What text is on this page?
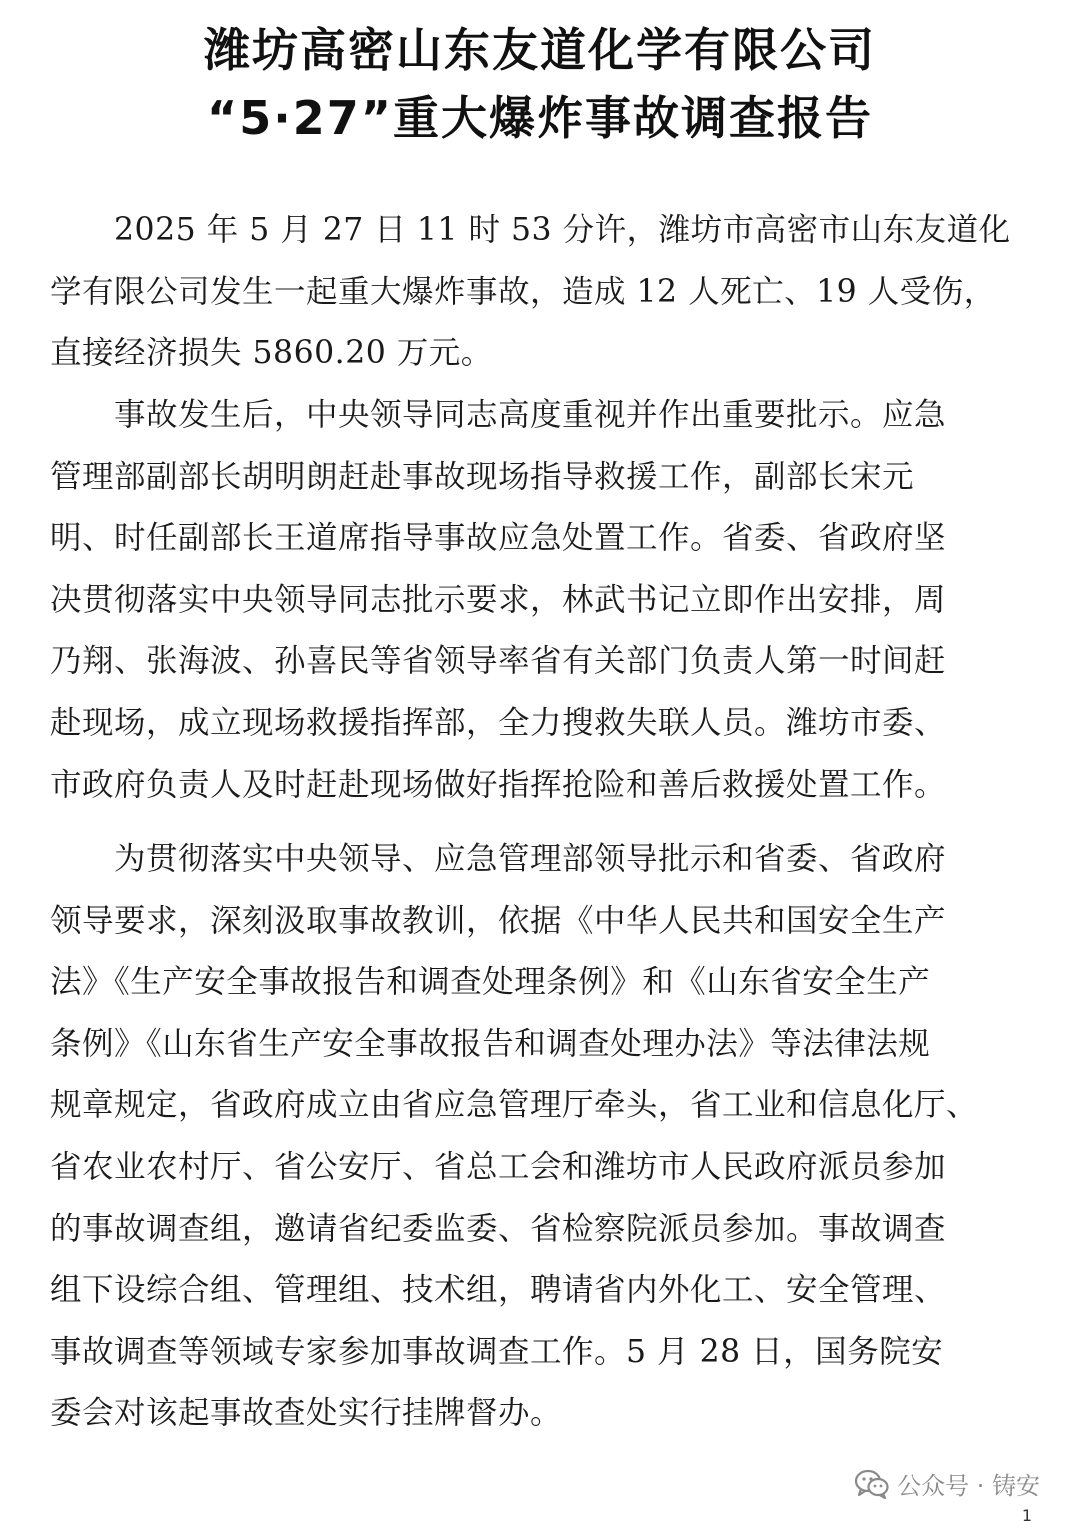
潍坊高密山东友道化学有限公司
“5·27”重大爆炸事故调查报告
2025 年 5 月 27 日 11 时 53 分许，潍坊市高密市山东友道化
学有限公司发生一起重大爆炸事故，造成 12 人死亡、19 人受伤，
直接经济损失 5860.20 万元。
事故发生后，中央领导同志高度重视并作出重要批示。应急
管理部副部长胡明朗赶赴事故现场指导救援工作，副部长宋元
明、时任副部长王道席指导事故应急处置工作。省委、省政府坚
决贯彻落实中央领导同志批示要求，林武书记立即作出安排，周
乃翔、张海波、孙喜民等省领导率省有关部门负责人第一时间赶
赴现场，成立现场救援指挥部，全力搜救失联人员。潍坊市委、
市政府负责人及时赶赴现场做好指挥抢险和善后救援处置工作。
为贯彻落实中央领导、应急管理部领导批示和省委、省政府
领导要求，深刻汲取事故教训，依据《中华人民共和国安全生产
法》《生产安全事故报告和调查处理条例》和《山东省安全生产
条例》《山东省生产安全事故报告和调查处理办法》等法律法规
规章规定，省政府成立由省应急管理厅牵头，省工业和信息化厅、
省农业农村厅、省公安厅、省总工会和潍坊市人民政府派员参加
的事故调查组，邀请省纪委监委、省检察院派员参加。事故调查
组下设综合组、管理组、技术组，聘请省内外化工、安全管理、
事故调查等领域专家参加事故调查工作。5 月 28 日，国务院安
委会对该起事故查处实行挂牌督办。
公众号 · 铸安
1
